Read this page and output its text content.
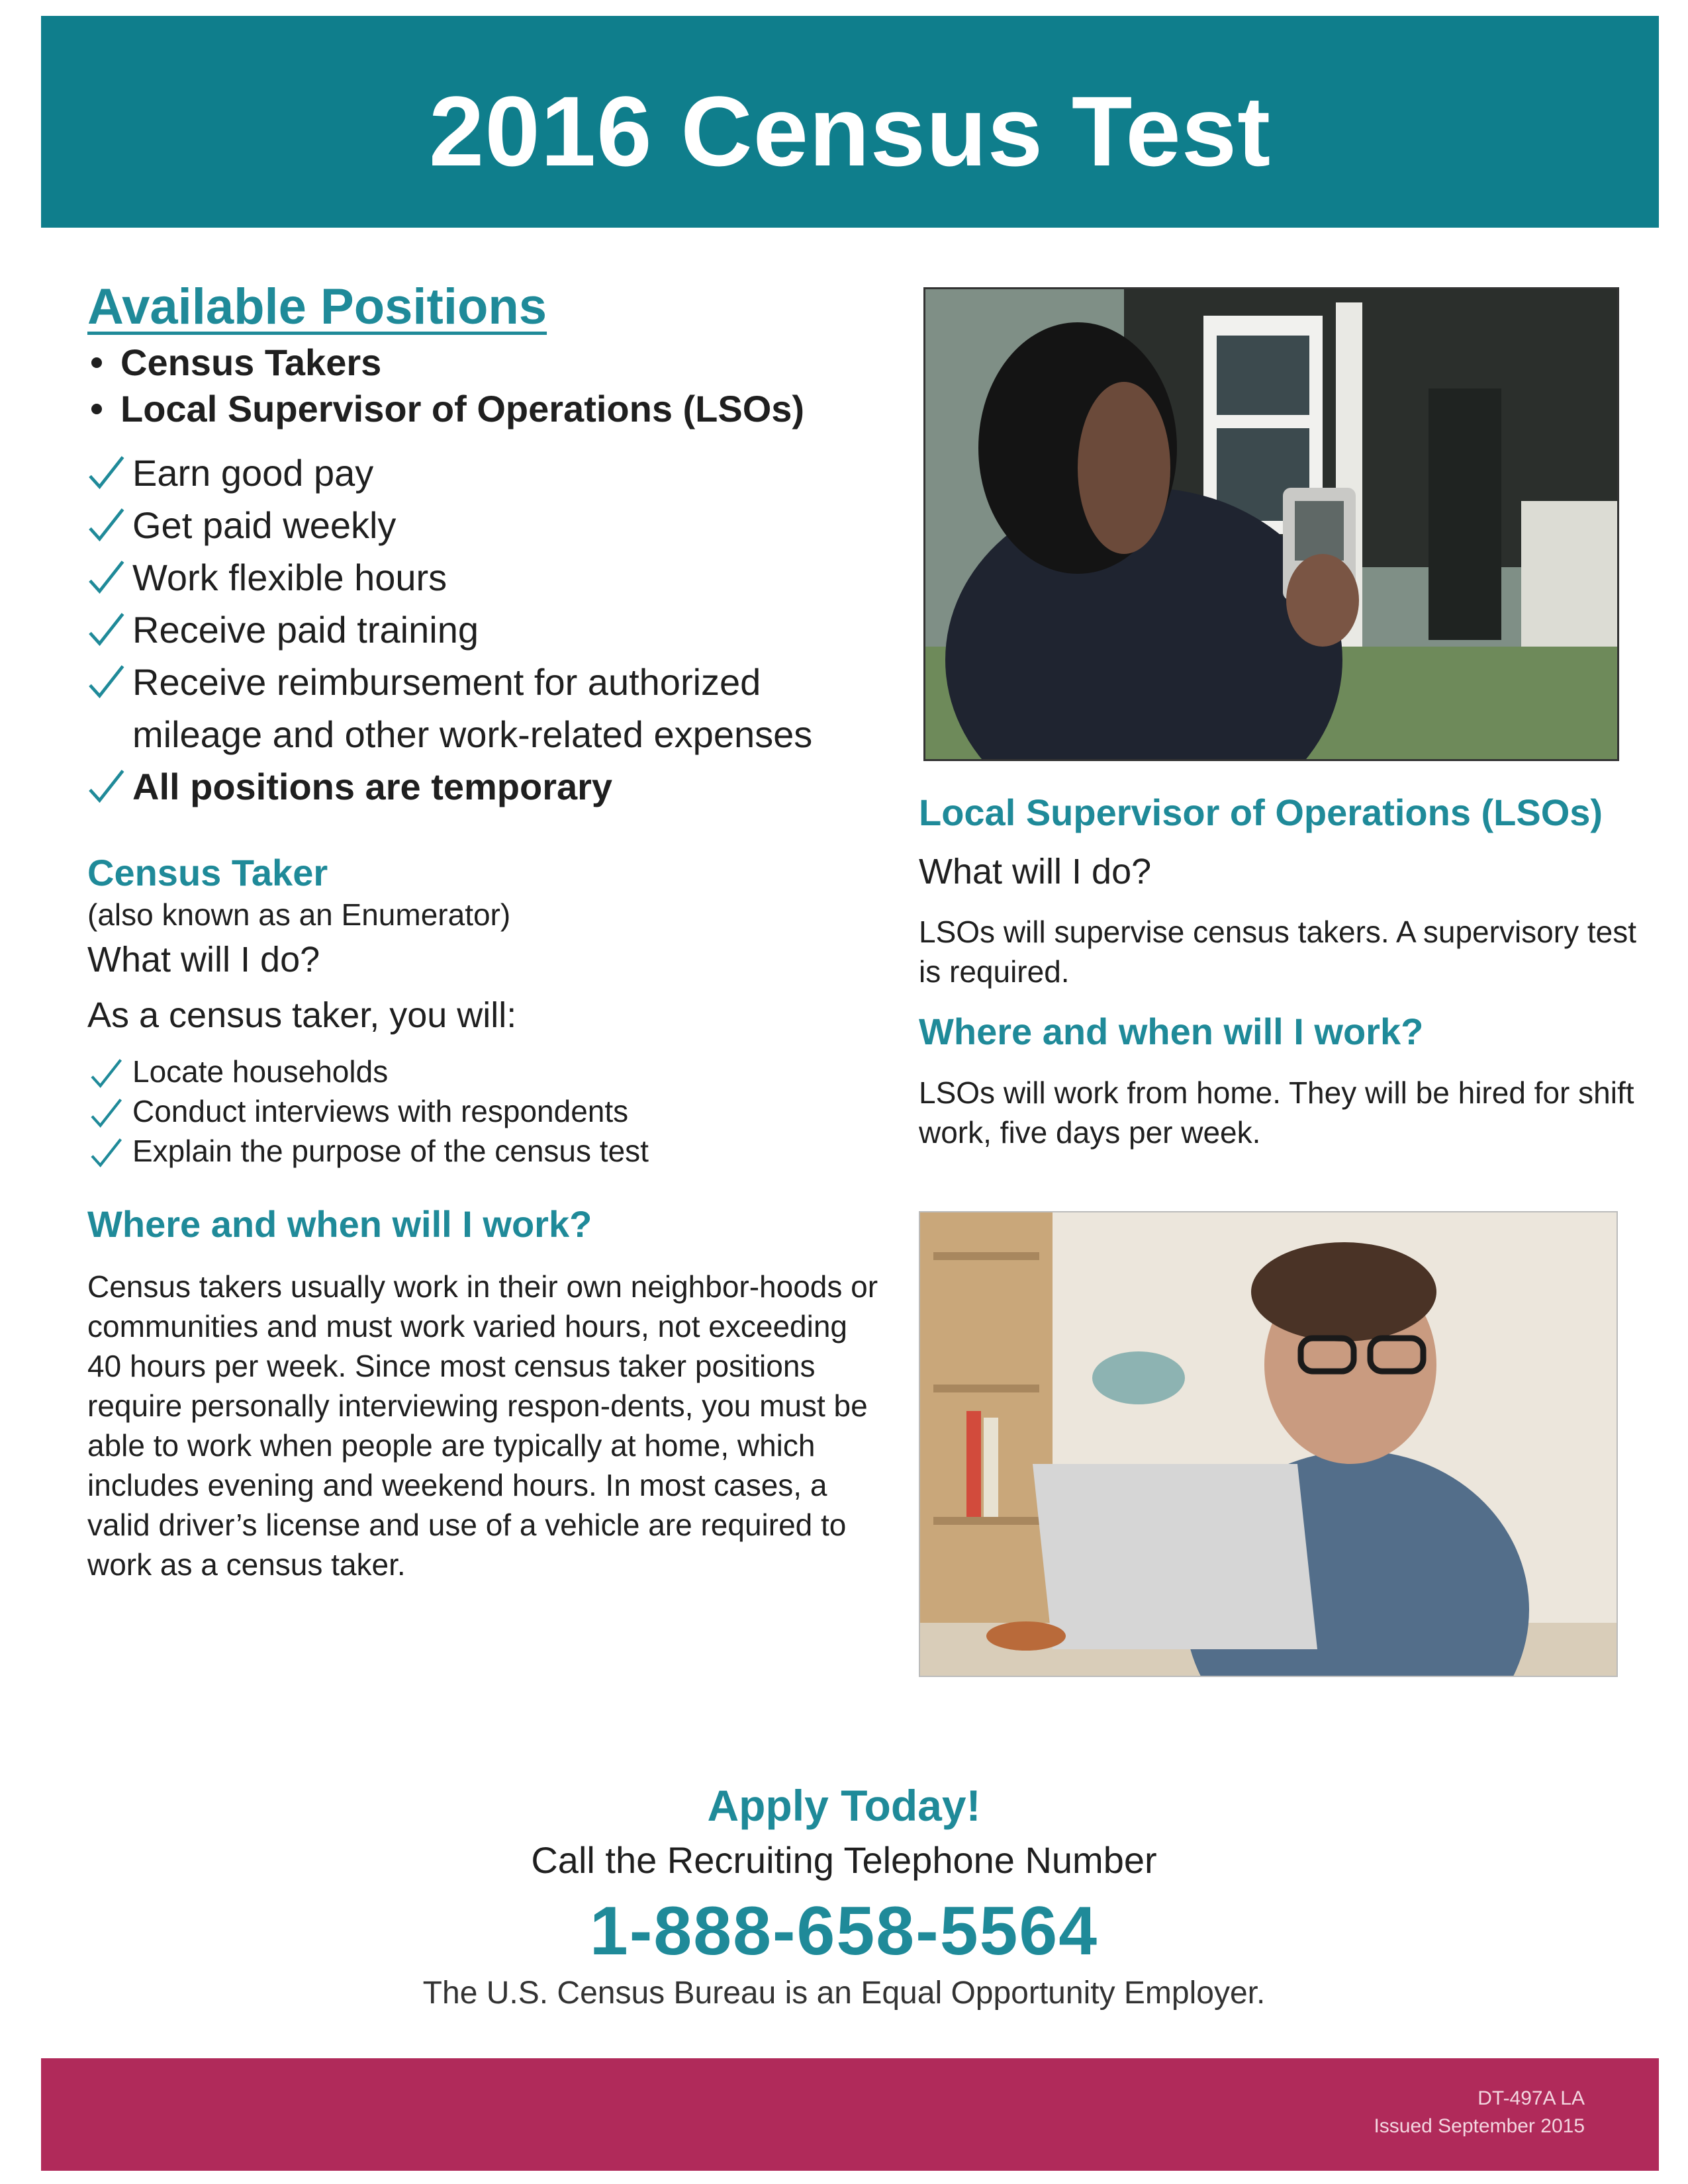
2016 Census Test
Available Positions
Census Takers
Local Supervisor of Operations (LSOs)
Earn good pay
Get paid weekly
Work flexible hours
Receive paid training
Receive reimbursement for authorized mileage and other work-related expenses
All positions are temporary
Census Taker
(also known as an Enumerator)
What will I do?
As a census taker, you will:
Locate households
Conduct interviews with respondents
Explain the purpose of the census test
Where and when will I work?

Census takers usually work in their own neighbor-hoods or communities and must work varied hours, not exceeding 40 hours per week. Since most census taker positions require personally interviewing respon-dents, you must be able to work when people are typically at home, which includes evening and weekend hours. In most cases, a valid driver’s license and use of a vehicle are required to work as a census taker.

Local Supervisor of Operations (LSOs)
What will I do?

LSOs will supervise census takers. A supervisory test is required.

Where and when will I work?

LSOs will work from home. They will be hired for shift work, five days per week.

Apply Today!
Call the Recruiting Telephone Number
1-888-658-5564
The U.S. Census Bureau is an Equal Opportunity Employer.
DT-497A LA
Issued September 2015
